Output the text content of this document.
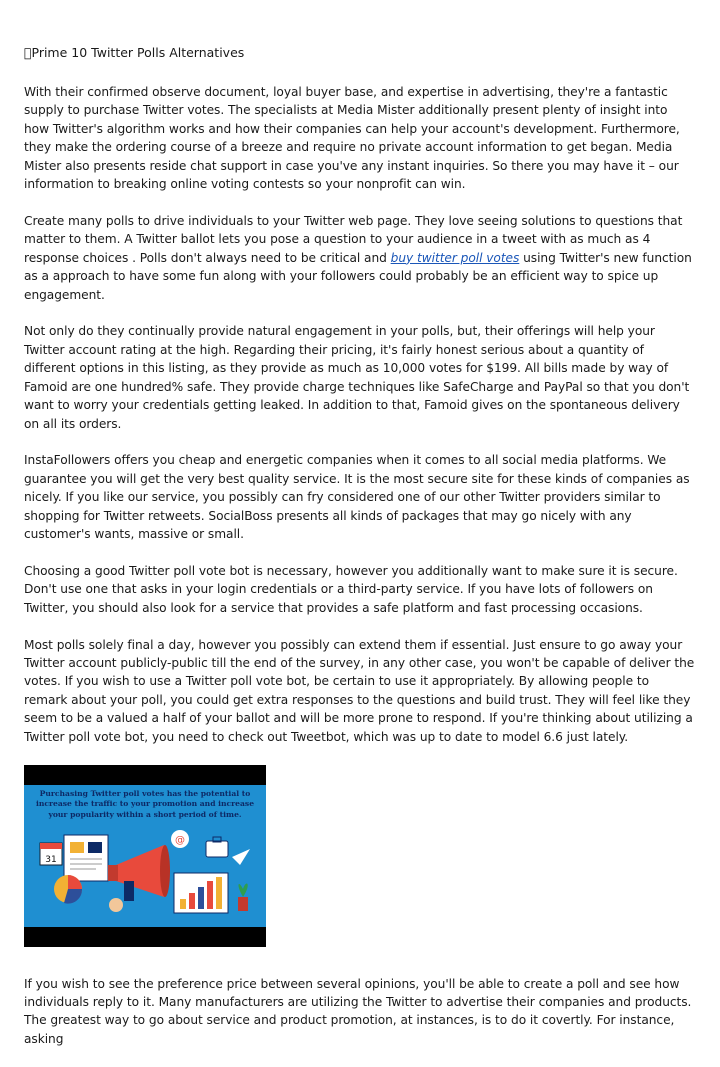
 Prime 10 Twitter Polls Alternatives

With their confirmed observe document, loyal buyer base, and expertise in advertising, they're a fantastic supply to purchase Twitter votes. The specialists at Media Mister additionally present plenty of insight into how Twitter's algorithm works and how their companies can help your account's development. Furthermore, they make the ordering course of a breeze and require no private account information to get began. Media Mister also presents reside chat support in case you've any instant inquiries. So there you may have it – our information to breaking online voting contests so your nonprofit can win.

Create many polls to drive individuals to your Twitter web page. They love seeing solutions to questions that matter to them. A Twitter ballot lets you pose a question to your audience in a tweet with as much as 4 response choices . Polls don't always need to be critical and buy twitter poll votes using Twitter's new function as a approach to have some fun along with your followers could probably be an efficient way to spice up engagement.

Not only do they continually provide natural engagement in your polls, but, their offerings will help your Twitter account rating at the high. Regarding their pricing, it's fairly honest serious about a quantity of different options in this listing, as they provide as much as 10,000 votes for $199. All bills made by way of Famoid are one hundred% safe. They provide charge techniques like SafeCharge and PayPal so that you don't want to worry your credentials getting leaked. In addition to that, Famoid gives on the spontaneous delivery on all its orders.

InstaFollowers offers you cheap and energetic companies when it comes to all social media platforms. We guarantee you will get the very best quality service. It is the most secure site for these kinds of companies as nicely. If you like our service, you possibly can fry considered one of our other Twitter providers similar to shopping for Twitter retweets. SocialBoss presents all kinds of packages that may go nicely with any customer's wants, massive or small.

Choosing a good Twitter poll vote bot is necessary, however you additionally want to make sure it is secure. Don't use one that asks in your login credentials or a third-party service. If you have lots of followers on Twitter, you should also look for a service that provides a safe platform and fast processing occasions.

Most polls solely final a day, however you possibly can extend them if essential. Just ensure to go away your Twitter account publicly-public till the end of the survey, in any other case, you won't be capable of deliver the votes. If you wish to use a Twitter poll vote bot, be certain to use it appropriately. By allowing people to remark about your poll, you could get extra responses to the questions and build trust. They will feel like they seem to be a valued a half of your ballot and will be more prone to respond. If you're thinking about utilizing a Twitter poll vote bot, you need to check out Tweetbot, which was up to date to model 6.6 just lately.

Purchasing Twitter poll votes has the potential to increase the traffic to your promotion and increase your popularity within a short period of time.
31
@

If you wish to see the preference price between several opinions, you'll be able to create a poll and see how individuals reply to it. Many manufacturers are utilizing the Twitter to advertise their companies and products. The greatest way to go about service and product promotion, at instances, is to do it covertly. For instance, asking
